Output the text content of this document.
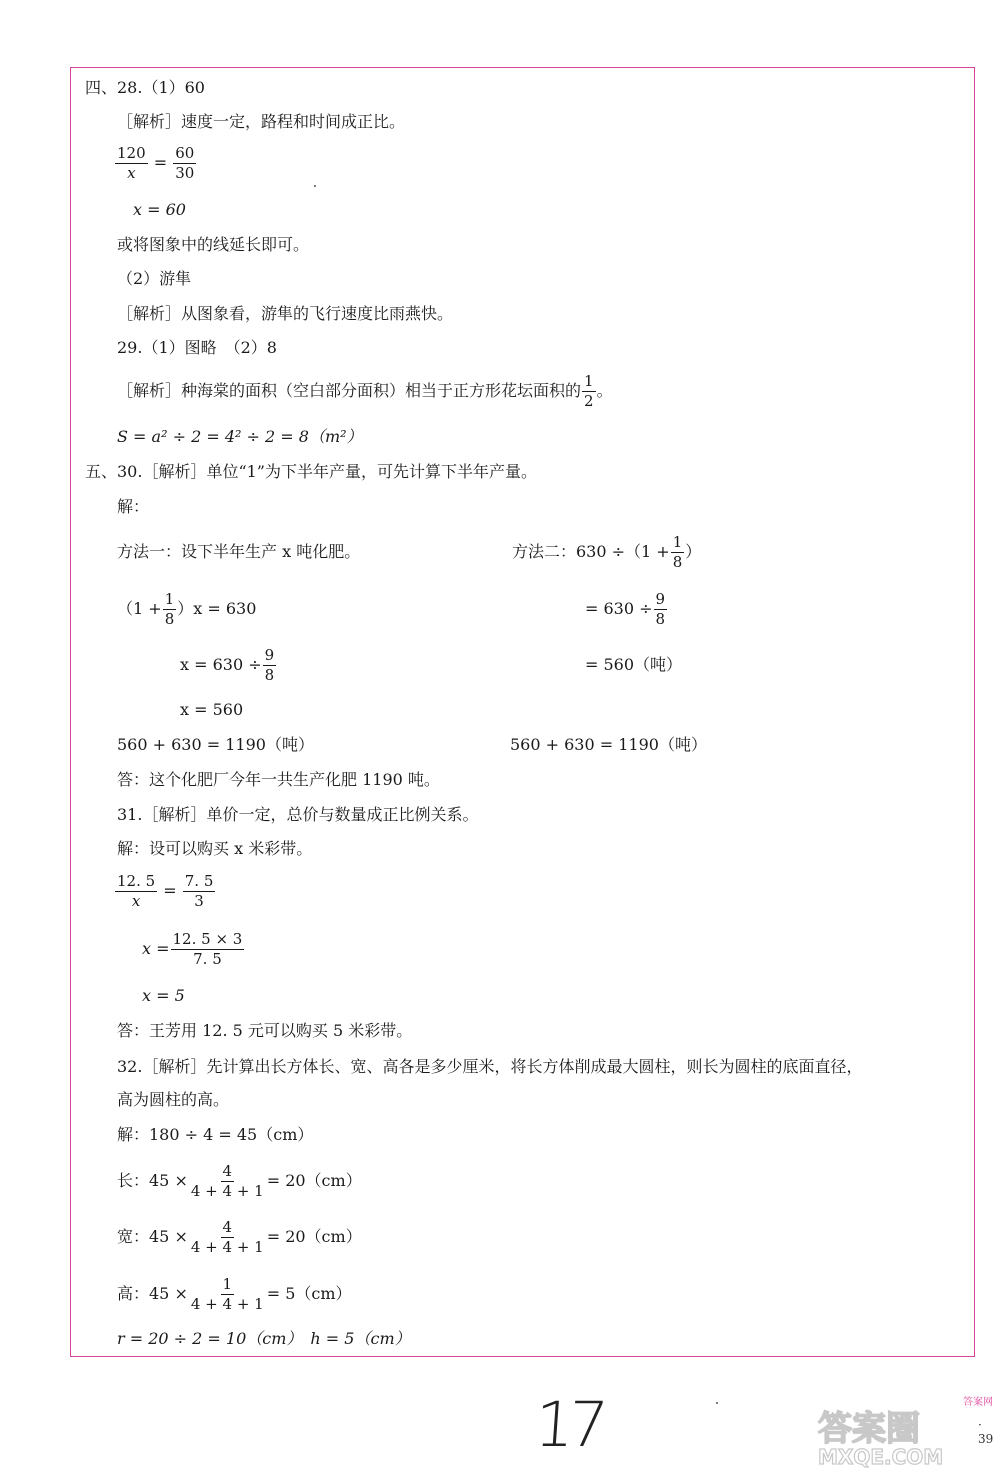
四、28.（1）60
［解析］速度一定，路程和时间成正比。
$\frac{120}{x} = \frac{60}{30}$
x = 60
或将图象中的线延长即可。
（2）游隼
［解析］从图象看，游隼的飞行速度比雨燕快。
29.（1）图略　（2）8
［解析］种海棠的面积（空白部分面积）相当于正方形花坛面积的 $\frac{1}{2}$ 。
S = a² ÷ 2 = 4² ÷ 2 = 8（m²）
五、30.［解析］单位“1”为下半年产量，可先计算下半年产量。
解：
方法一：设下半年生产 x 吨化肥。
$(1 + \frac{1}{8} )x = 630$
$x = 630 \div \frac{9}{8}$
x = 560
560 + 630 = 1190（吨）
方法二：$630 \div(1 + \frac{1}{8}$ ）
= $630 \div \frac{9}{8}$
= 560（吨）
560 + 630 = 1190（吨）
答：这个化肥厂今年一共生产化肥 1190 吨。
31.［解析］单价一定，总价与数量成正比例关系。
解：设可以购买 x 米彩带。
$\frac{12. 5}{x} = \frac{7. 5}{3}$
$x = \frac{12. 5 \times 3}{7. 5}$
x = 5
答：王芳用 12. 5 元可以购买 5 米彩带。
32.［解析］先计算出长方体长、宽、高各是多少厘米，将长方体削成最大圆柱，则长为圆柱的底面直径，
高为圆柱的高。
解：180 ÷ 4 = 45（cm）
长：$45 \times \frac{4}{4 + 4 + 1} = 20(cm)$
宽：$45 \times \frac{4}{4 + 4 + 1} = 20(cm)$
高：$45 \times \frac{1}{4 + 4 + 1} = 5(cm)$
r = 20 ÷ 2 = 10（cm）　h = 5（cm）
17	答案圈
MXQE.COM
答案网
· 39
